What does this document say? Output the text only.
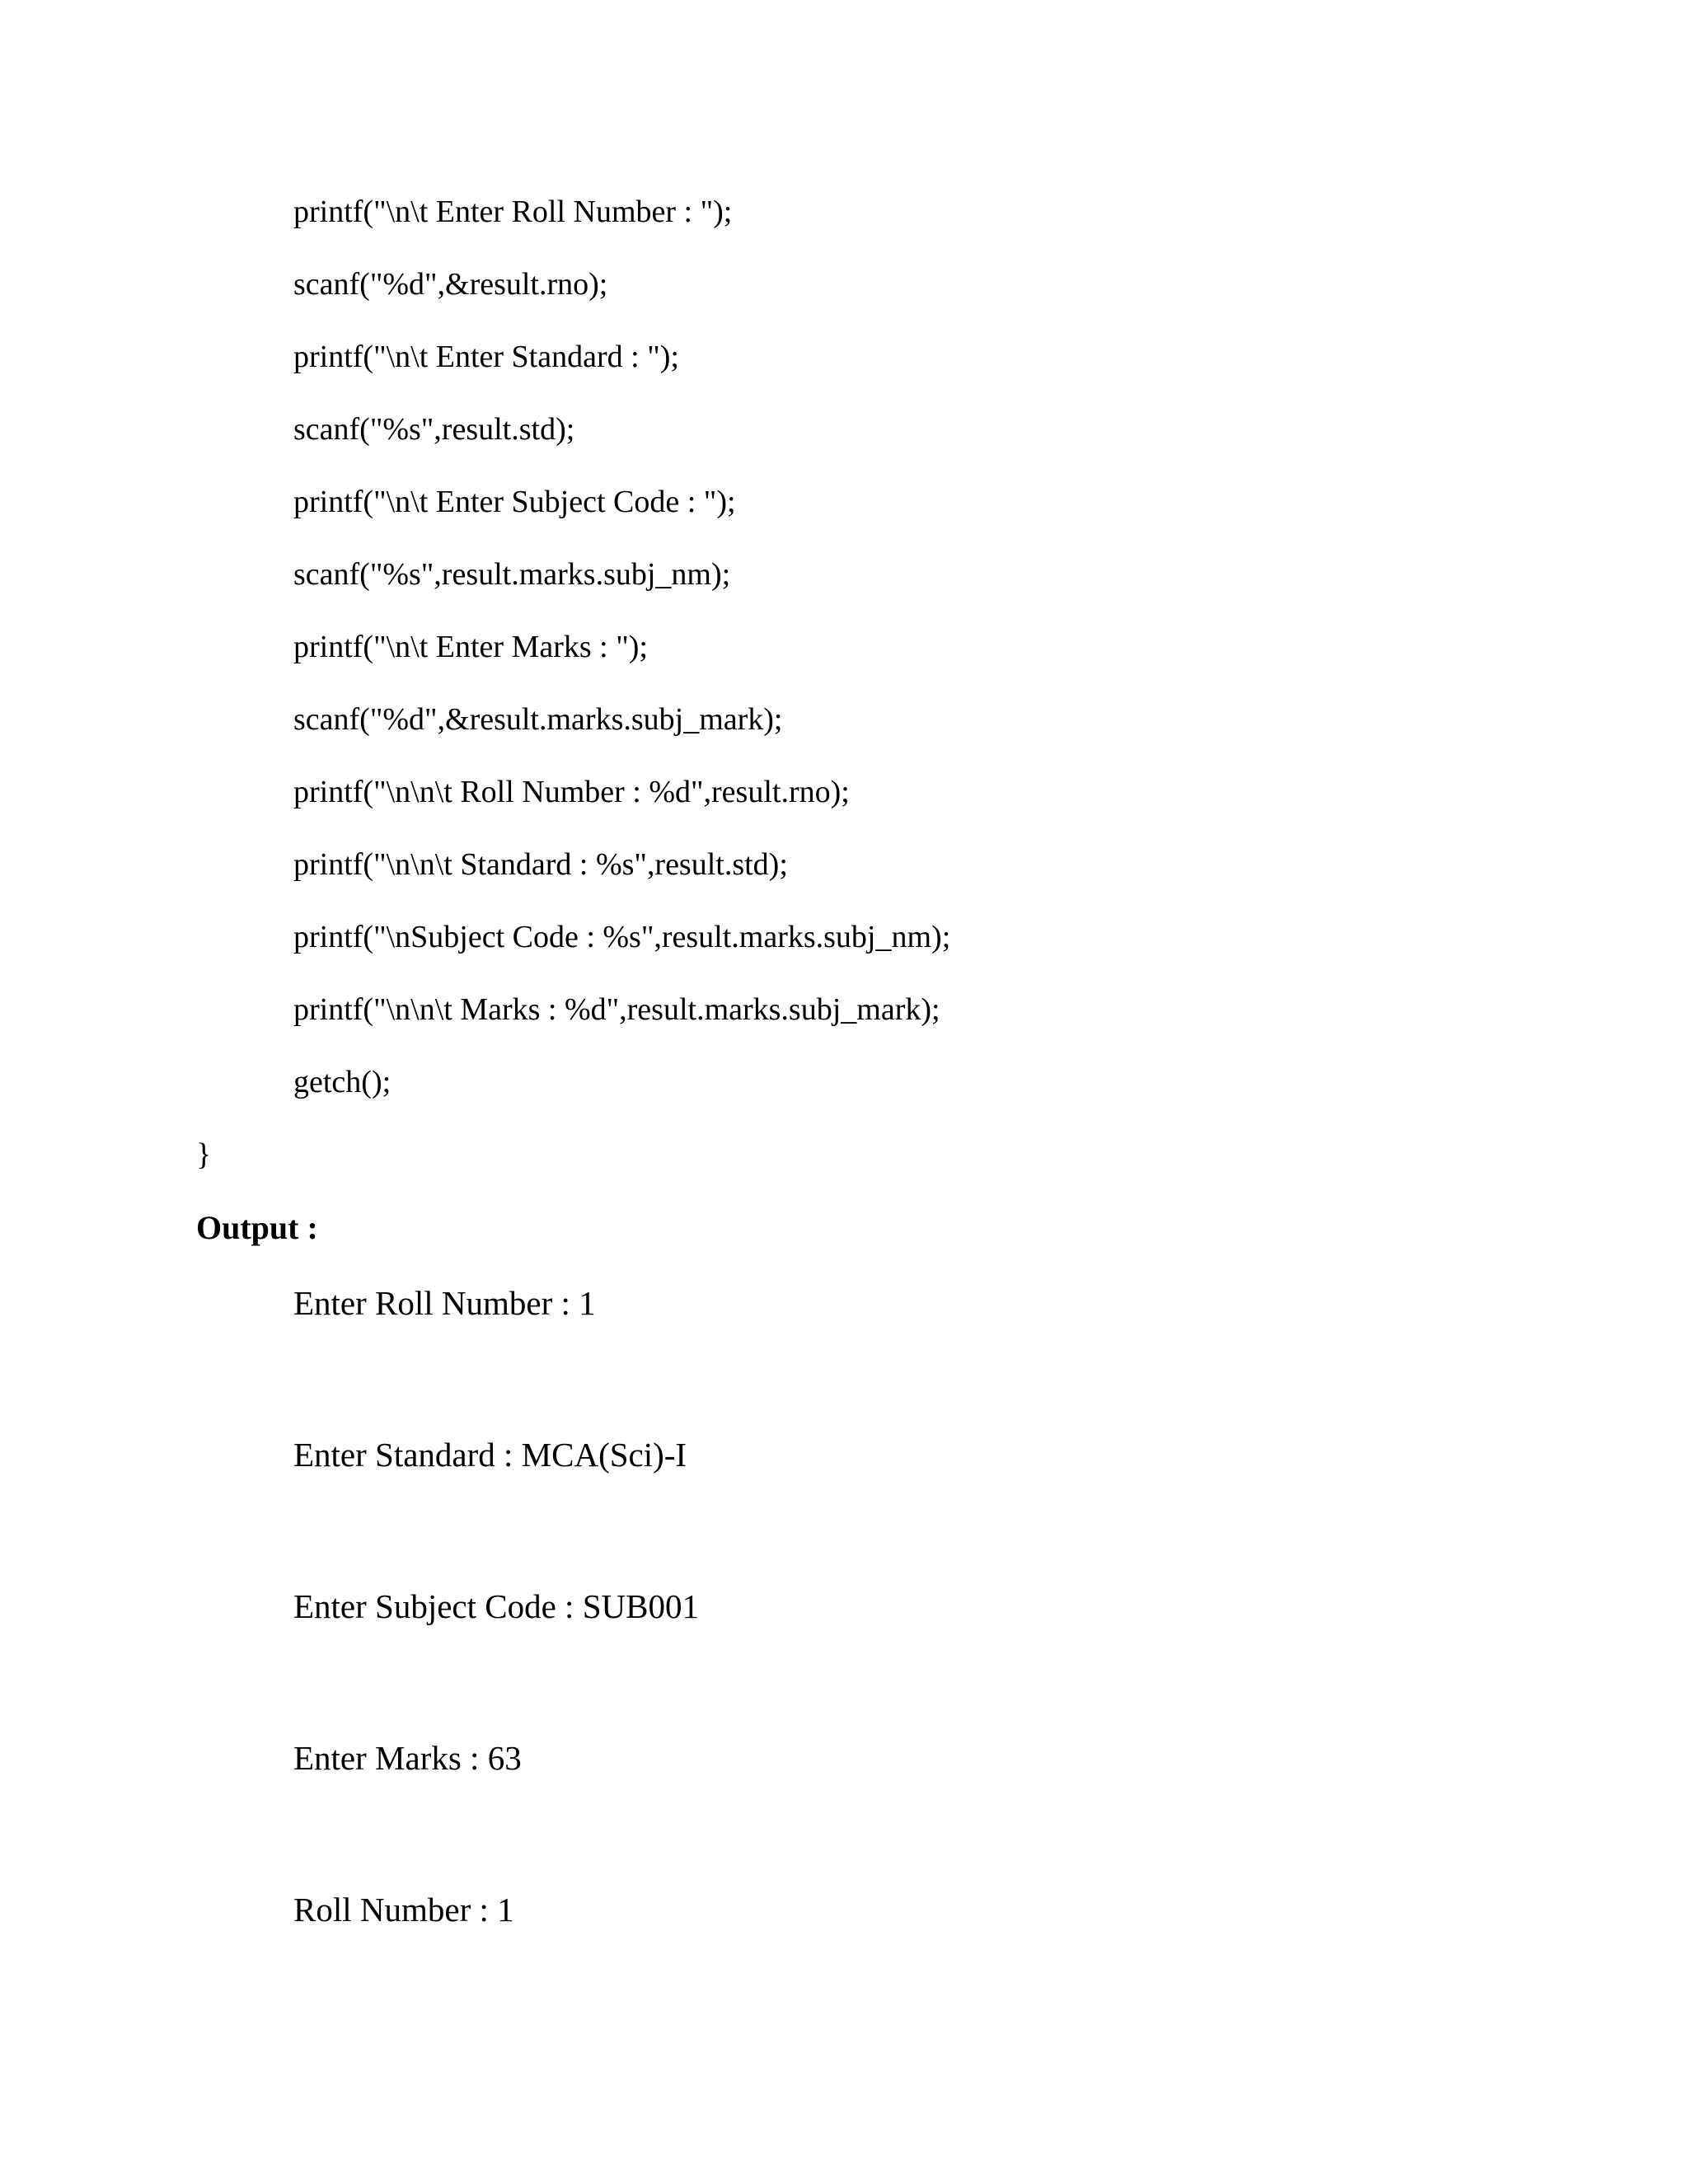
printf("\n\t Enter Roll Number : ");
scanf("%d",&result.rno);
printf("\n\t Enter Standard : ");
scanf("%s",result.std);
printf("\n\t Enter Subject Code : ");
scanf("%s",result.marks.subj_nm);
printf("\n\t Enter Marks : ");
scanf("%d",&result.marks.subj_mark);
printf("\n\n\t Roll Number : %d",result.rno);
printf("\n\n\t Standard : %s",result.std);
printf("\nSubject Code : %s",result.marks.subj_nm);
printf("\n\n\t Marks : %d",result.marks.subj_mark);
getch();
}
Output :
Enter Roll Number : 1
Enter Standard : MCA(Sci)-I
Enter Subject Code : SUB001
Enter Marks : 63
Roll Number : 1
